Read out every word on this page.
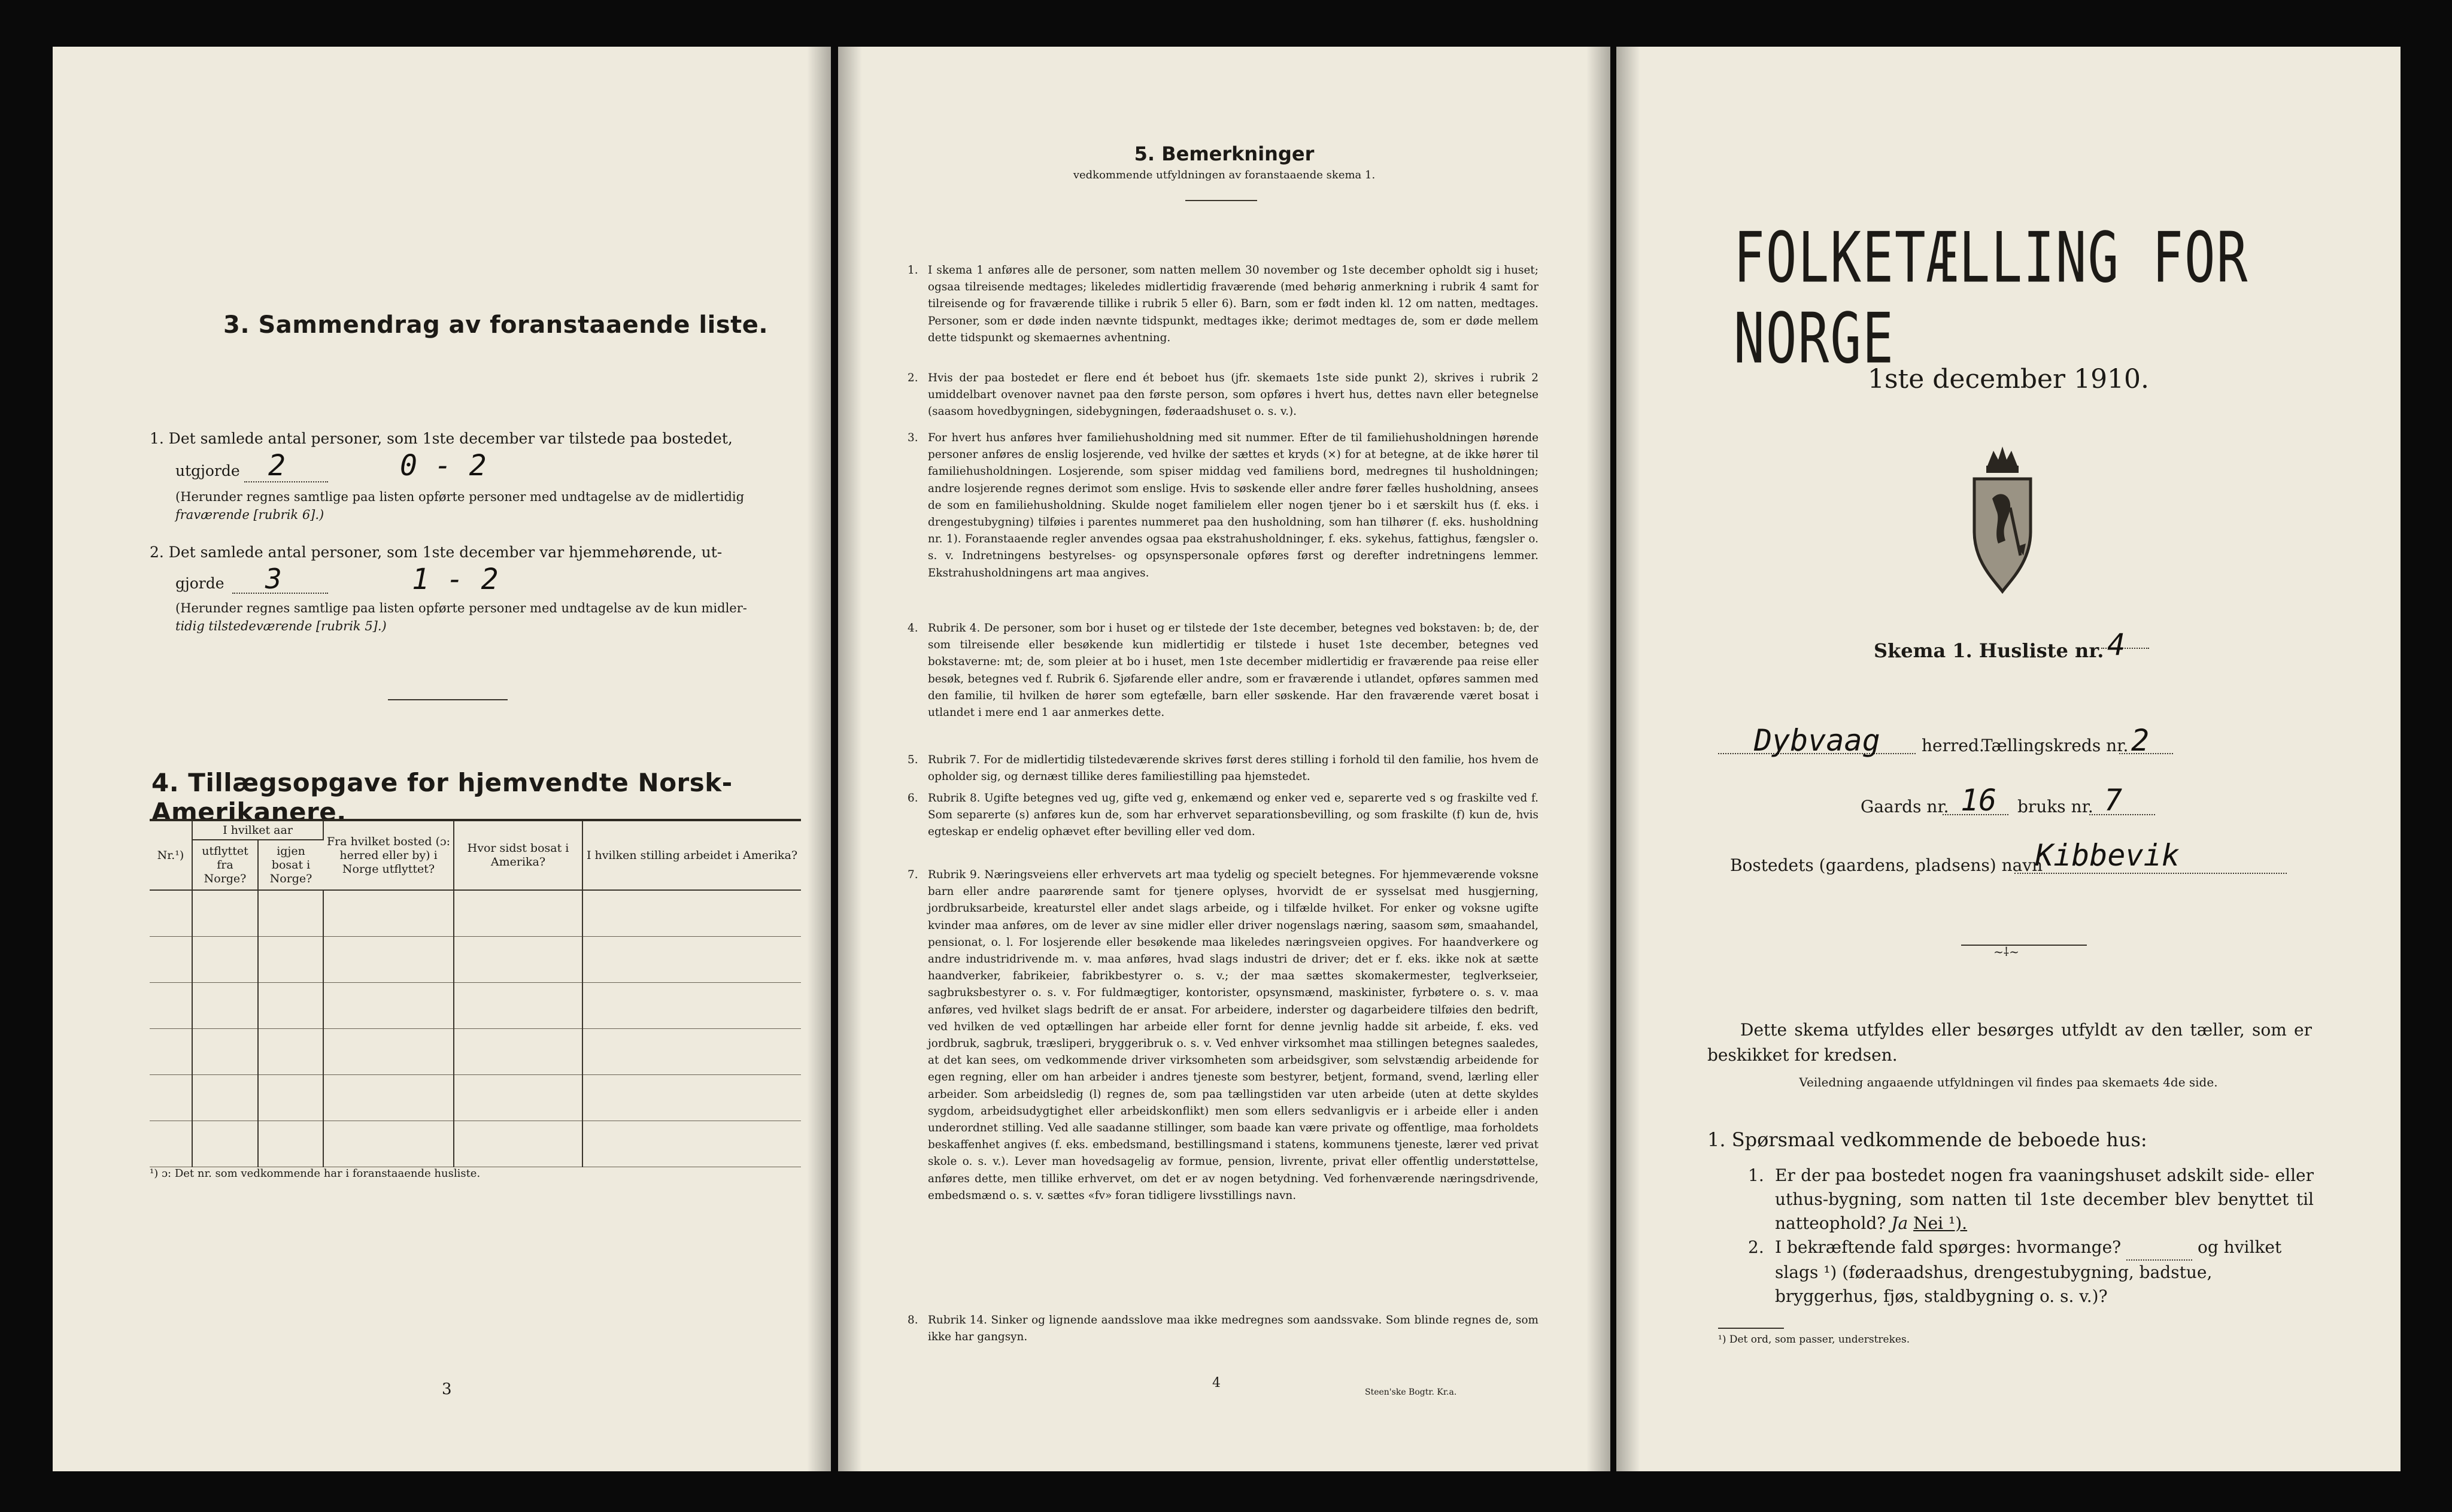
3. Sammendrag av foranstaaende liste.
1. Det samlede antal personer, som 1ste december var tilstede paa bostedet,
utgjorde 2	0 - 2
(Herunder regnes samtlige paa listen opførte personer med undtagelse av de midlertidig
fraværende [rubrik 6].)
2. Det samlede antal personer, som 1ste december var hjemmehørende, ut-
gjorde 3	1 - 2
(Herunder regnes samtlige paa listen opførte personer med undtagelse av de kun midler-
tidig tilstedeværende [rubrik 5].)
4. Tillægsopgave for hjemvendte Norsk-Amerikanere.
Nr.¹)	I hvilket aar		Fra hvilket bosted (ɔ: herred eller by) i Norge utflyttet?	Hvor sidst bosat i Amerika?	I hvilken stilling arbeidet i Amerika?
	utflyttet fra Norge?	igjen bosat i Norge?			

¹) ɔ: Det nr. som vedkommende har i foranstaaende husliste.
3
5. Bemerkninger
vedkommende utfyldningen av foranstaaende skema 1.
1. I skema 1 anføres alle de personer, som natten mellem 30 november og 1ste december opholdt sig i huset; ogsaa tilreisende medtages; likeledes midlertidig fraværende (med behørig anmerkning i rubrik 4 samt for tilreisende og for fraværende tillike i rubrik 5 eller 6). Barn, som er født inden kl. 12 om natten, medtages. Personer, som er døde inden nævnte tidspunkt, medtages ikke; derimot medtages de, som er døde mellem dette tidspunkt og skemaernes avhentning.
2. Hvis der paa bostedet er flere end ét beboet hus (jfr. skemaets 1ste side punkt 2), skrives i rubrik 2 umiddelbart ovenover navnet paa den første person, som opføres i hvert hus, dettes navn eller betegnelse (saasom hovedbygningen, sidebygningen, føderaadshuset o. s. v.).
3. For hvert hus anføres hver familiehusholdning med sit nummer. Efter de til familiehusholdningen hørende personer anføres de enslig losjerende, ved hvilke der sættes et kryds (×) for at betegne, at de ikke hører til familiehusholdningen. Losjerende, som spiser middag ved familiens bord, medregnes til husholdningen; andre losjerende regnes derimot som enslige. Hvis to søskende eller andre fører fælles husholdning, ansees de som en familiehusholdning. Skulde noget familielem eller nogen tjener bo i et særskilt hus (f. eks. i drengestubygning) tilføies i parentes nummeret paa den husholdning, som han tilhører (f. eks. husholdning nr. 1). Foranstaaende regler anvendes ogsaa paa ekstrahusholdninger, f. eks. sykehus, fattighus, fængsler o. s. v. Indretningens bestyrelses- og opsynspersonale opføres først og derefter indretningens lemmer. Ekstrahusholdningens art maa angives.
4. Rubrik 4. De personer, som bor i huset og er tilstede der 1ste december, betegnes ved bokstaven: b; de, der som tilreisende eller besøkende kun midlertidig er tilstede i huset 1ste december, betegnes ved bokstaverne: mt; de, som pleier at bo i huset, men 1ste december midlertidig er fraværende paa reise eller besøk, betegnes ved f. Rubrik 6. Sjøfarende eller andre, som er fraværende i utlandet, opføres sammen med den familie, til hvilken de hører som egtefælle, barn eller søskende. Har den fraværende været bosat i utlandet i mere end 1 aar anmerkes dette.
5. Rubrik 7. For de midlertidig tilstedeværende skrives først deres stilling i forhold til den familie, hos hvem de opholder sig, og dernæst tillike deres familiestilling paa hjemstedet.
6. Rubrik 8. Ugifte betegnes ved ug, gifte ved g, enkemænd og enker ved e, separerte ved s og fraskilte ved f. Som separerte (s) anføres kun de, som har erhvervet separationsbevilling, og som fraskilte (f) kun de, hvis egteskap er endelig ophævet efter bevilling eller ved dom.
7. Rubrik 9. Næringsveiens eller erhvervets art maa tydelig og specielt betegnes. For hjemmeværende voksne barn eller andre paarørende samt for tjenere oplyses, hvorvidt de er sysselsat med husgjerning, jordbruksarbeide, kreaturstel eller andet slags arbeide, og i tilfælde hvilket. For enker og voksne ugifte kvinder maa anføres, om de lever av sine midler eller driver nogenslags næring, saasom søm, smaahandel, pensionat, o. l. For losjerende eller besøkende maa likeledes næringsveien opgives. For haandverkere og andre industridrivende m. v. maa anføres, hvad slags industri de driver; det er f. eks. ikke nok at sætte haandverker, fabrikeier, fabrikbestyrer o. s. v.; der maa sættes skomakermester, teglverkseier, sagbruksbestyrer o. s. v. For fuldmægtiger, kontorister, opsynsmænd, maskinister, fyrbøtere o. s. v. maa anføres, ved hvilket slags bedrift de er ansat. For arbeidere, inderster og dagarbeidere tilføies den bedrift, ved hvilken de ved optællingen har arbeide eller fornt for denne jevnlig hadde sit arbeide, f. eks. ved jordbruk, sagbruk, træsliperi, bryggeribruk o. s. v. Ved enhver virksomhet maa stillingen betegnes saaledes, at det kan sees, om vedkommende driver virksomheten som arbeidsgiver, som selvstændig arbeidende for egen regning, eller om han arbeider i andres tjeneste som bestyrer, betjent, formand, svend, lærling eller arbeider. Som arbeidsledig (l) regnes de, som paa tællingstiden var uten arbeide (uten at dette skyldes sygdom, arbeidsudygtighet eller arbeidskonflikt) men som ellers sedvanligvis er i arbeide eller i anden underordnet stilling. Ved alle saadanne stillinger, som baade kan være private og offentlige, maa forholdets beskaffenhet angives (f. eks. embedsmand, bestillingsmand i statens, kommunens tjeneste, lærer ved privat skole o. s. v.). Lever man hovedsagelig av formue, pension, livrente, privat eller offentlig understøttelse, anføres dette, men tillike erhvervet, om det er av nogen betydning. Ved forhenværende næringsdrivende, embedsmænd o. s. v. sættes «fv» foran tidligere livsstillings navn.
8. Rubrik 14. Sinker og lignende aandsslove maa ikke medregnes som aandssvake. Som blinde regnes de, som ikke har gangsyn.
4
Steen'ske Bogtr. Kr.a.
FOLKETÆLLING FOR NORGE
1ste december 1910.
Skema 1. Husliste nr. 4
Dybvaag herred.
Tællingskreds nr. 2
Gaards nr. 16 bruks nr. 7
Bostedets (gaardens, pladsens) navn
Kibbevik
~⸸~
Dette skema utfyldes eller besørges utfyldt av den tæller, som er beskikket for kredsen.
Veiledning angaaende utfyldningen vil findes paa skemaets 4de side.
1. Spørsmaal vedkommende de beboede hus:
1. Er der paa bostedet nogen fra vaaningshuset adskilt side- eller uthus-bygning, som natten til 1ste december blev benyttet til natteophold? Ja Nei ¹).
2. I bekræftende fald spørges: hvormange?	og hvilket slags ¹) (føderaadshus, drengestubygning, badstue, bryggerhus, fjøs, staldbygning o. s. v.)?
¹) Det ord, som passer, understrekes.
